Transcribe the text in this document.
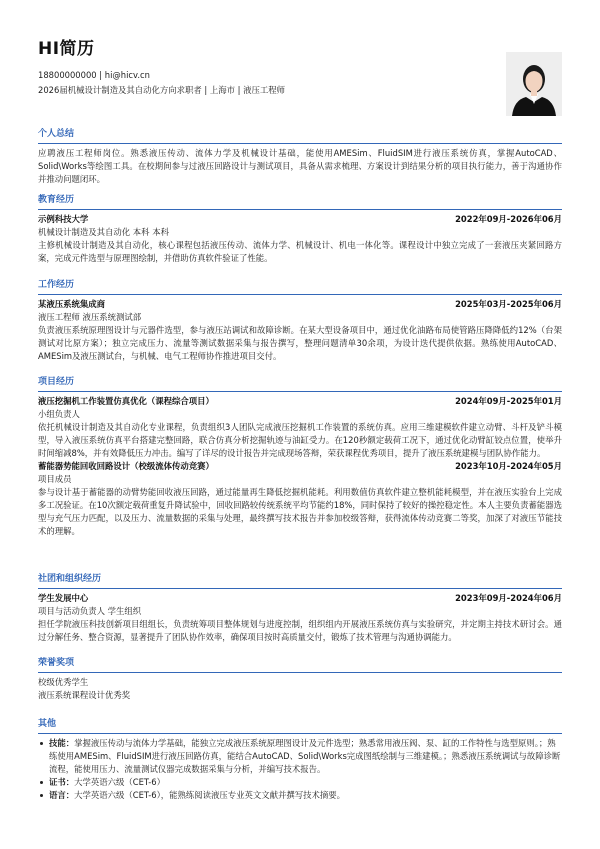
HI简历
18800000000 | hi@hicv.cn
2026届机械设计制造及其自动化方向求职者 | 上海市 | 液压工程师
个人总结
应聘液压工程师岗位。熟悉液压传动、流体力学及机械设计基础，能使用AMESim、FluidSIM进行液压系统仿真，掌握AutoCAD、Solid\Works等绘图工具。在校期间参与过液压回路设计与测试项目，具备从需求梳理、方案设计到结果分析的项目执行能力，善于沟通协作并推动问题闭环。
教育经历
示例科技大学	2022年09月-2026年06月
机械设计制造及其自动化 本科 本科
主修机械设计制造及其自动化，核心课程包括液压传动、流体力学、机械设计、机电一体化等。课程设计中独立完成了一套液压夹紧回路方案，完成元件选型与原理图绘制，并借助仿真软件验证了性能。
工作经历
某液压系统集成商	2025年03月-2025年06月
液压工程师 液压系统测试部
负责液压系统原理图设计与元器件选型，参与液压站调试和故障诊断。在某大型设备项目中，通过优化油路布局使管路压降降低约12%（台架测试对比原方案）；独立完成压力、流量等测试数据采集与报告撰写，整理问题清单30余项，为设计迭代提供依据。熟练使用AutoCAD、AMESim及液压测试台，与机械、电气工程师协作推进项目交付。
项目经历
液压挖掘机工作装置仿真优化（课程综合项目）	2024年09月-2025年01月
小组负责人
依托机械设计制造及其自动化专业课程，负责组织3人团队完成液压挖掘机工作装置的系统仿真。应用三维建模软件建立动臂、斗杆及铲斗模型，导入液压系统仿真平台搭建完整回路，联合仿真分析挖掘轨迹与油缸受力。在120秒额定载荷工况下，通过优化动臂缸铰点位置，使举升时间缩减8%，并有效降低压力冲击。编写了详尽的设计报告并完成现场答辩，荣获课程优秀项目，提升了液压系统建模与团队协作能力。
蓄能器势能回收回路设计（校级流体传动竞赛）	2023年10月-2024年05月
项目成员
参与设计基于蓄能器的动臂势能回收液压回路，通过能量再生降低挖掘机能耗。利用数值仿真软件建立整机能耗模型，并在液压实验台上完成多工况验证。在10次额定载荷重复升降试验中，回收回路较传统系统平均节能约18%，同时保持了较好的操控稳定性。本人主要负责蓄能器选型与充气压力匹配，以及压力、流量数据的采集与处理，最终撰写技术报告并参加校级答辩，获得流体传动竞赛二等奖，加深了对液压节能技术的理解。
社团和组织经历
学生发展中心	2023年09月-2024年06月
项目与活动负责人 学生组织
担任学院液压科技创新项目组组长，负责统筹项目整体规划与进度控制，组织组内开展液压系统仿真与实验研究，并定期主持技术研讨会。通过分解任务、整合资源，显著提升了团队协作效率，确保项目按时高质量交付，锻炼了技术管理与沟通协调能力。
荣誉奖项
校级优秀学生
液压系统课程设计优秀奖
其他
技能：掌握液压传动与流体力学基础，能独立完成液压系统原理图设计及元件选型；熟悉常用液压阀、泵、缸的工作特性与选型原则。；熟练使用AMESim、FluidSIM进行液压回路仿真，能结合AutoCAD、Solid\Works完成图纸绘制与三维建模。；熟悉液压系统调试与故障诊断流程，能使用压力、流量测试仪器完成数据采集与分析，并编写技术报告。
证书：大学英语六级（CET-6）
语言：大学英语六级（CET-6），能熟练阅读液压专业英文文献并撰写技术摘要。
